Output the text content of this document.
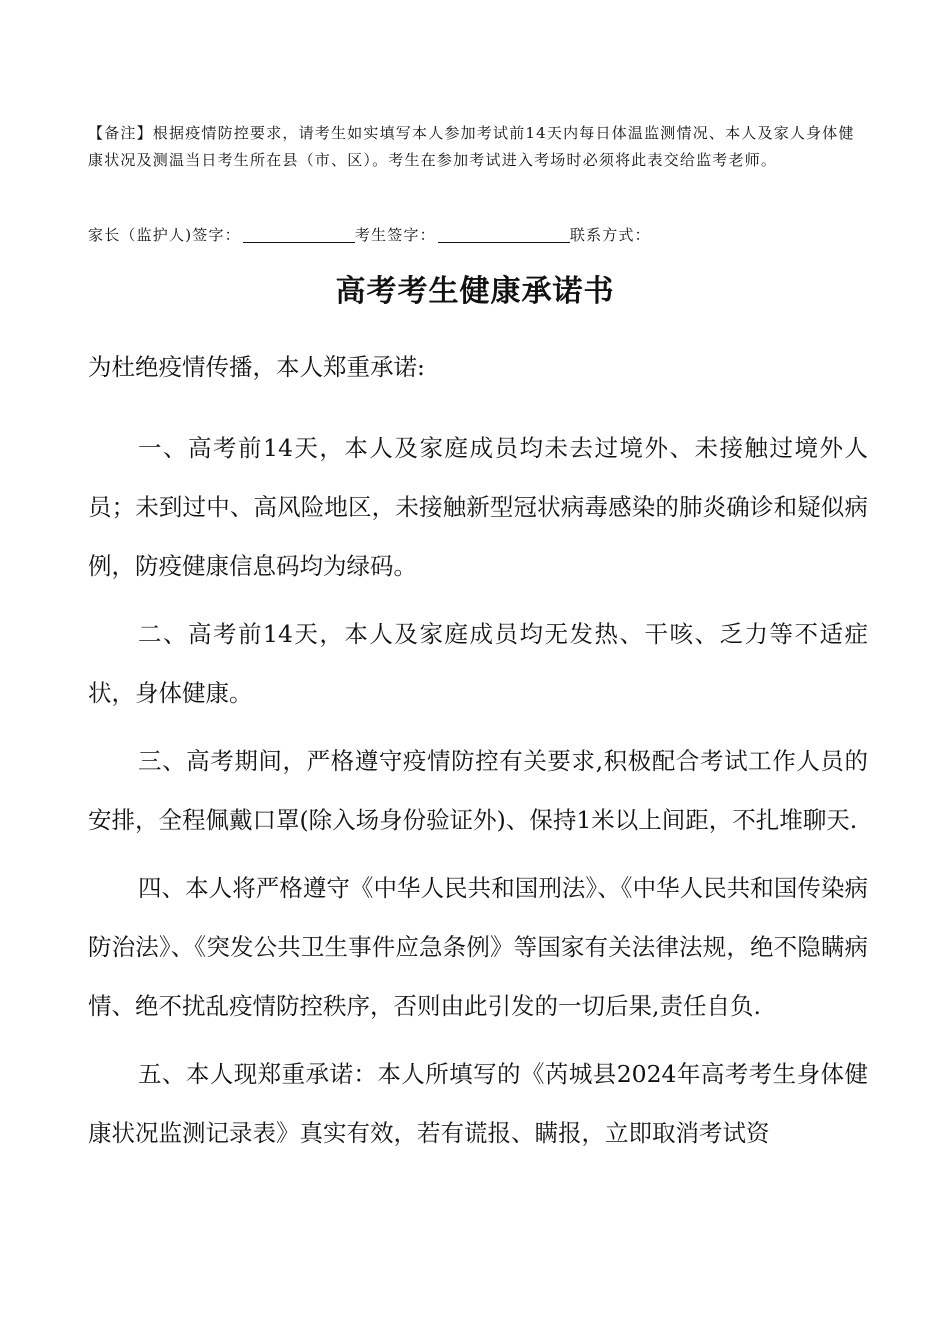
【备注】根据疫情防控要求，请考生如实填写本人参加考试前14天内每日体温监测情况、本人及家人身体健康状况及测温当日考生所在县（市、区）。考生在参加考试进入考场时必须将此表交给监考老师。
家长（监护人)签字：	考生签字：	联系方式：
高考考生健康承诺书

为杜绝疫情传播，本人郑重承诺:

一、高考前14天，本人及家庭成员均未去过境外、未接触过境外人员；未到过中、高风险地区，未接触新型冠状病毒感染的肺炎确诊和疑似病例，防疫健康信息码均为绿码。

二、高考前14天，本人及家庭成员均无发热、干咳、乏力等不适症状，身体健康。

三、高考期间，严格遵守疫情防控有关要求,积极配合考试工作人员的安排，全程佩戴口罩(除入场身份验证外)、保持1米以上间距，不扎堆聊天.

四、本人将严格遵守《中华人民共和国刑法》、《中华人民共和国传染病防治法》、《突发公共卫生事件应急条例》等国家有关法律法规，绝不隐瞒病情、绝不扰乱疫情防控秩序，否则由此引发的一切后果,责任自负.

五、本人现郑重承诺：本人所填写的《芮城县2024年高考考生身体健康状况监测记录表》真实有效，若有谎报、瞒报，立即取消考试资
